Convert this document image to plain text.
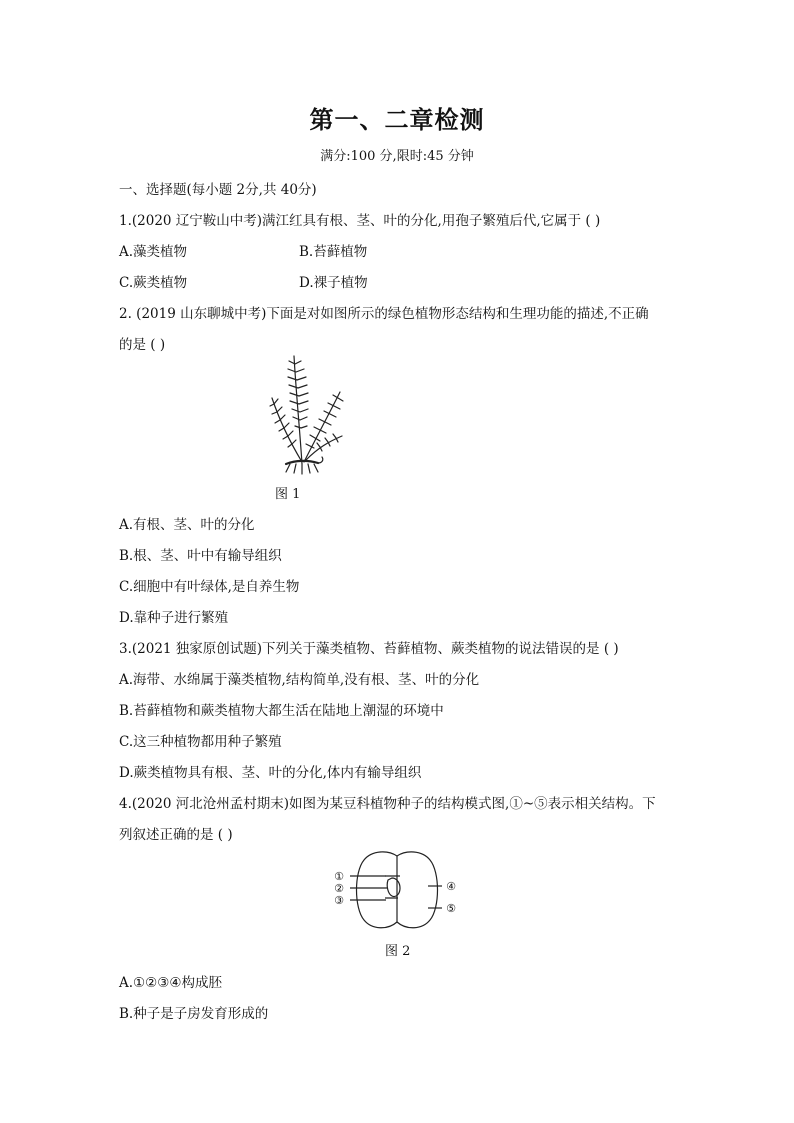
第一、二章检测
满分:100 分,限时:45 分钟
一、选择题(每小题 2分,共 40分)
1.(2020 辽宁鞍山中考)满江红具有根、茎、叶的分化,用孢子繁殖后代,它属于 ( )
A.藻类植物	B.苔藓植物
C.蕨类植物	D.裸子植物
2. (2019 山东聊城中考)下面是对如图所示的绿色植物形态结构和生理功能的描述,不正确
的是 ( )
图 1
A.有根、茎、叶的分化
B.根、茎、叶中有输导组织
C.细胞中有叶绿体,是自养生物
D.靠种子进行繁殖
3.(2021 独家原创试题)下列关于藻类植物、苔藓植物、蕨类植物的说法错误的是 ( )
A.海带、水绵属于藻类植物,结构简单,没有根、茎、叶的分化
B.苔藓植物和蕨类植物大都生活在陆地上潮湿的环境中
C.这三种植物都用种子繁殖
D.蕨类植物具有根、茎、叶的分化,体内有输导组织
4.(2020 河北沧州孟村期末)如图为某豆科植物种子的结构模式图,①~⑤表示相关结构。下
列叙述正确的是 ( )
①
②
③
④
⑤
图 2
A.①②③④构成胚
B.种子是子房发育形成的
